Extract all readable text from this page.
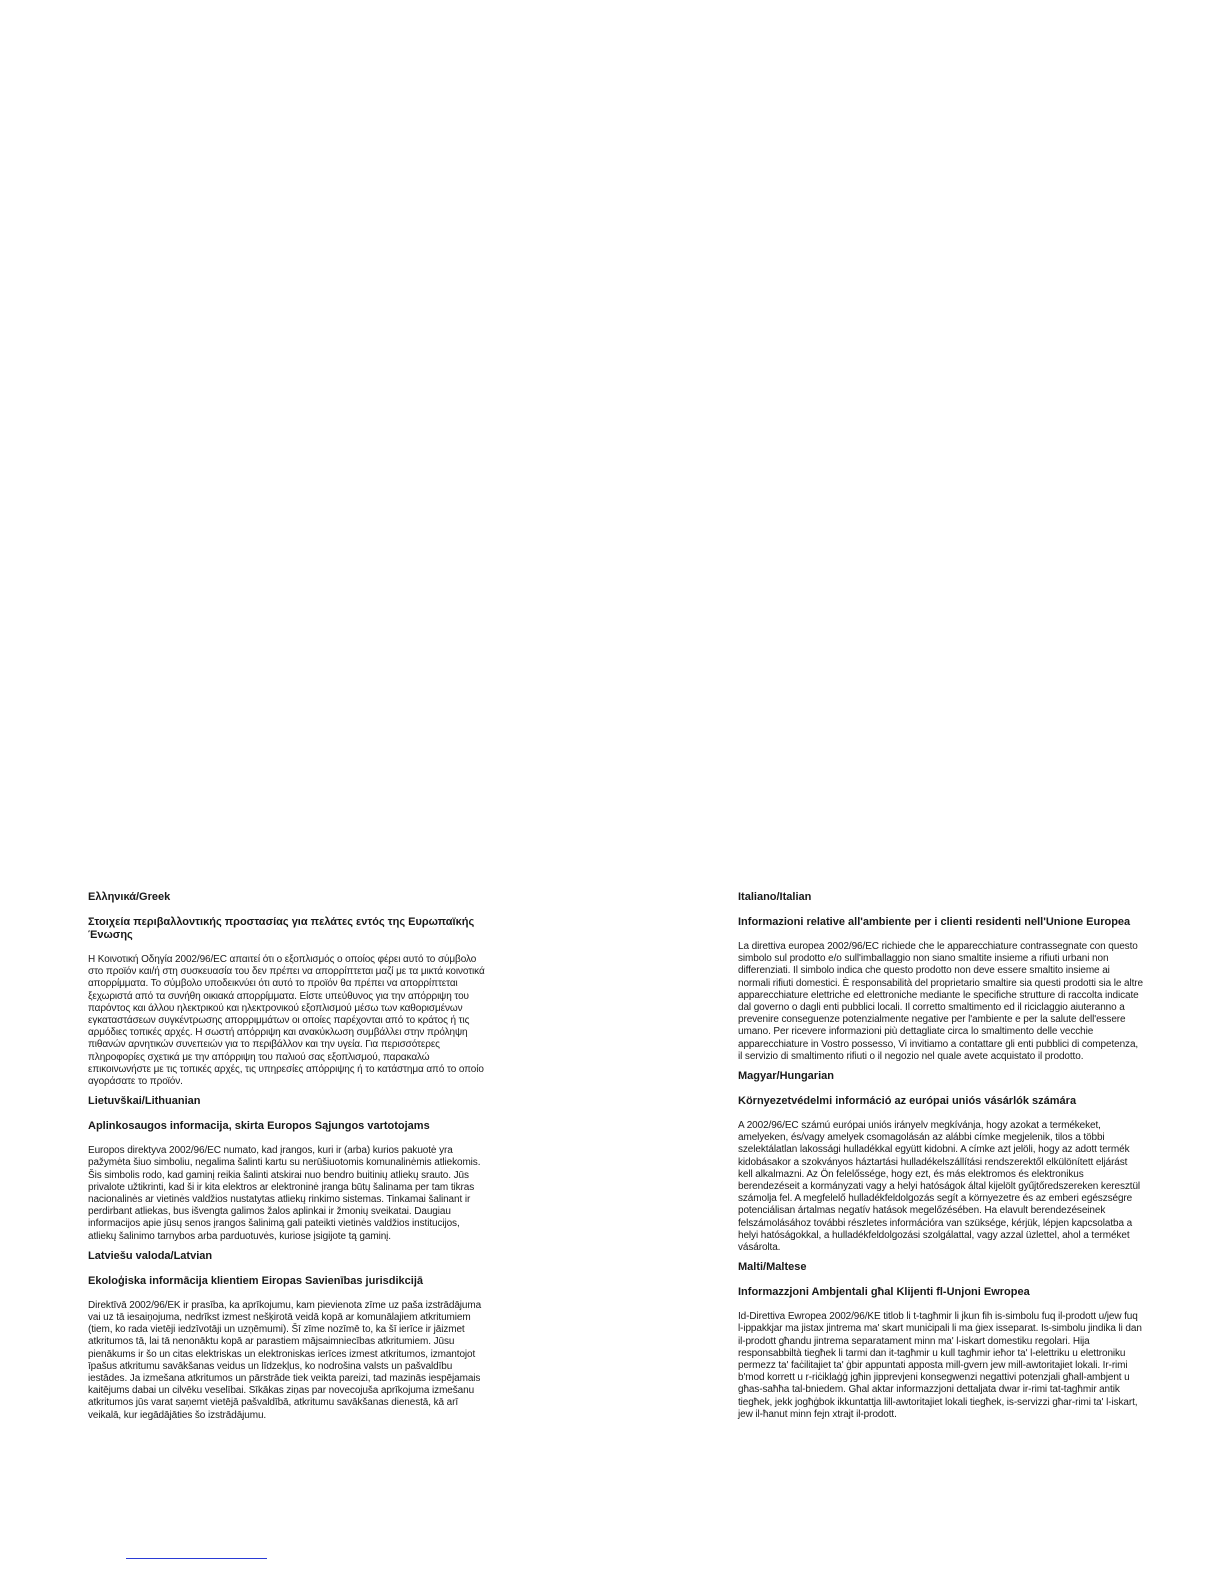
Ελληνικά/Greek

Στοιχεία περιβαλλοντικής προστασίας για πελάτες εντός της Ευρωπαϊκής Ένωσης

Η Κοινοτική Οδηγία 2002/96/EC απαιτεί ότι ο εξοπλισμός ο οποίος φέρει αυτό το σύμβολο στο προϊόν και/ή στη συσκευασία του δεν πρέπει να απορρίπτεται μαζί με τα μικτά κοινοτικά απορρίμματα. Το σύμβολο υποδεικνύει ότι αυτό το προϊόν θα πρέπει να απορρίπτεται ξεχωριστά από τα συνήθη οικιακά απορρίμματα. Είστε υπεύθυνος για την απόρριψη του παρόντος και άλλου ηλεκτρικού και ηλεκτρονικού εξοπλισμού μέσω των καθορισμένων εγκαταστάσεων συγκέντρωσης απορριμμάτων οι οποίες παρέχονται από το κράτος ή τις αρμόδιες τοπικές αρχές. Η σωστή απόρριψη και ανακύκλωση συμβάλλει στην πρόληψη πιθανών αρνητικών συνεπειών για το περιβάλλον και την υγεία. Για περισσότερες πληροφορίες σχετικά με την απόρριψη του παλιού σας εξοπλισμού, παρακαλώ επικοινωνήστε με τις τοπικές αρχές, τις υπηρεσίες απόρριψης ή το κατάστημα από το οποίο αγοράσατε το προϊόν.

Lietuvškai/Lithuanian

Aplinkosaugos informacija, skirta Europos Sąjungos vartotojams

Europos direktyva 2002/96/EC numato, kad įrangos, kuri ir (arba) kurios pakuotė yra pažymėta šiuo simboliu, negalima šalinti kartu su nerūšiuotomis komunalinėmis atliekomis. Šis simbolis rodo, kad gaminį reikia šalinti atskirai nuo bendro buitinių atliekų srauto. Jūs privalote užtikrinti, kad ši ir kita elektros ar elektroninė įranga būtų šalinama per tam tikras nacionalinės ar vietinės valdžios nustatytas atliekų rinkimo sistemas. Tinkamai šalinant ir perdirbant atliekas, bus išvengta galimos žalos aplinkai ir žmonių sveikatai. Daugiau informacijos apie jūsų senos įrangos šalinimą gali pateikti vietinės valdžios institucijos, atliekų šalinimo tarnybos arba parduotuvės, kuriose įsigijote tą gaminį.

Latviešu valoda/Latvian

Ekoloģiska informācija klientiem Eiropas Savienības jurisdikcijā

Direktīvā 2002/96/EK ir prasība, ka aprīkojumu, kam pievienota zīme uz paša izstrādājuma vai uz tā iesaiņojuma, nedrīkst izmest nešķirotā veidā kopā ar komunālajiem atkritumiem (tiem, ko rada vietēji iedzīvotāji un uzņēmumi). Šī zīme nozīmē to, ka šī ierīce ir jāizmet atkritumos tā, lai tā nenonāktu kopā ar parastiem mājsaimniecības atkritumiem. Jūsu pienākums ir šo un citas elektriskas un elektroniskas ierīces izmest atkritumos, izmantojot īpašus atkritumu savākšanas veidus un līdzekļus, ko nodrošina valsts un pašvaldību iestādes. Ja izmešana atkritumos un pārstrāde tiek veikta pareizi, tad mazinās iespējamais kaitējums dabai un cilvēku veselībai. Sīkākas ziņas par novecojuša aprīkojuma izmešanu atkritumos jūs varat saņemt vietējā pašvaldībā, atkritumu savākšanas dienestā, kā arī veikalā, kur iegādājāties šo izstrādājumu.

Italiano/Italian

Informazioni relative all'ambiente per i clienti residenti nell'Unione Europea

La direttiva europea 2002/96/EC richiede che le apparecchiature contrassegnate con questo simbolo sul prodotto e/o sull'imballaggio non siano smaltite insieme a rifiuti urbani non differenziati. Il simbolo indica che questo prodotto non deve essere smaltito insieme ai normali rifiuti domestici. È responsabilità del proprietario smaltire sia questi prodotti sia le altre apparecchiature elettriche ed elettroniche mediante le specifiche strutture di raccolta indicate dal governo o dagli enti pubblici locali. Il corretto smaltimento ed il riciclaggio aiuteranno a prevenire conseguenze potenzialmente negative per l'ambiente e per la salute dell'essere umano. Per ricevere informazioni più dettagliate circa lo smaltimento delle vecchie apparecchiature in Vostro possesso, Vi invitiamo a contattare gli enti pubblici di competenza, il servizio di smaltimento rifiuti o il negozio nel quale avete acquistato il prodotto.

Magyar/Hungarian

Környezetvédelmi információ az európai uniós vásárlók számára

A 2002/96/EC számú európai uniós irányelv megkívánja, hogy azokat a termékeket, amelyeken, és/vagy amelyek csomagolásán az alábbi címke megjelenik, tilos a többi szelektálatlan lakossági hulladékkal együtt kidobni. A címke azt jelöli, hogy az adott termék kidobásakor a szokványos háztartási hulladékelszállítási rendszerektől elkülönített eljárást kell alkalmazni. Az Ön felelőssége, hogy ezt, és más elektromos és elektronikus berendezéseit a kormányzati vagy a helyi hatóságok által kijelölt gyűjtőredszereken keresztül számolja fel. A megfelelő hulladékfeldolgozás segít a környezetre és az emberi egészségre potenciálisan ártalmas negatív hatások megelőzésében. Ha elavult berendezéseinek felszámolásához további részletes információra van szüksége, kérjük, lépjen kapcsolatba a helyi hatóságokkal, a hulladékfeldolgozási szolgálattal, vagy azzal üzlettel, ahol a terméket vásárolta.

Malti/Maltese

Informazzjoni Ambjentali għal Klijenti fl-Unjoni Ewropea

Id-Direttiva Ewropea 2002/96/KE titlob li t-tagħmir li jkun fih is-simbolu fuq il-prodott u/jew fuq l-ippakkjar ma jistax jintrema ma' skart muniċipali li ma ġiex isseparat. Is-simbolu jindika li dan il-prodott għandu jintrema separatament minn ma' l-iskart domestiku regolari. Hija responsabbiltà tiegħek li tarmi dan it-tagħmir u kull tagħmir ieħor ta' l-elettriku u elettroniku permezz ta' faċilitajiet ta' ġbir appuntati apposta mill-gvern jew mill-awtoritajiet lokali. Ir-rimi b'mod korrett u r-riċiklaġġ jgħin jipprevjeni konsegwenzi negattivi potenzjali għall-ambjent u għas-saħħa tal-bniedem. Għal aktar informazzjoni dettaljata dwar ir-rimi tat-tagħmir antik tiegħek, jekk jogħġbok ikkuntattja lill-awtoritajiet lokali tiegħek, is-servizzi għar-rimi ta' l-iskart, jew il-ħanut minn fejn xtrajt il-prodott.
